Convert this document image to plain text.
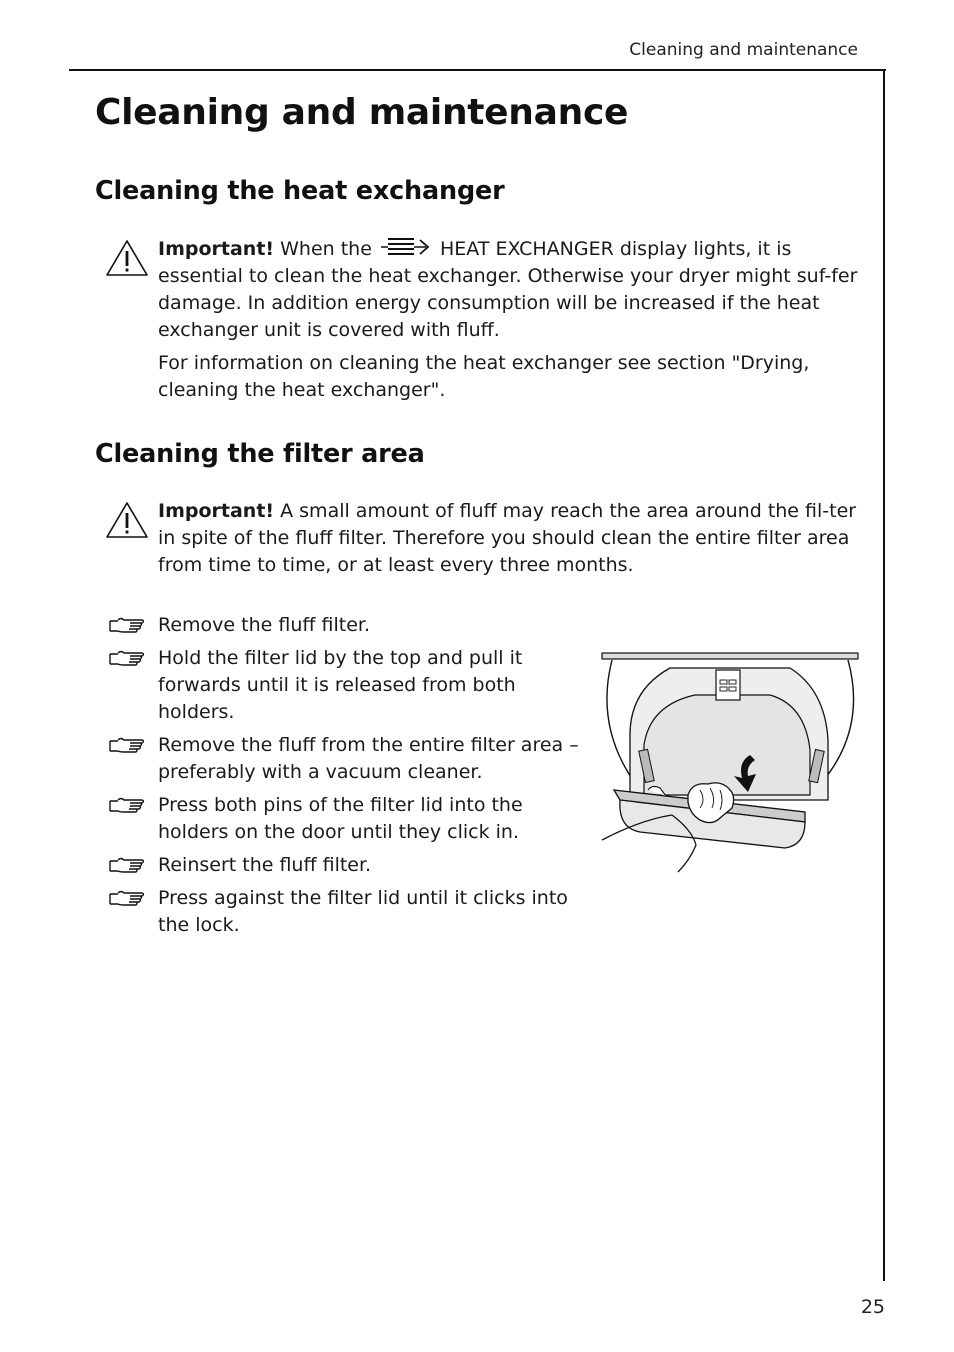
Cleaning and maintenance
Cleaning and maintenance
Cleaning the heat exchanger
Important! When the	HEAT EXCHANGER display lights, it is essential to clean the heat exchanger. Otherwise your dryer might suf-fer damage. In addition energy consumption will be increased if the heat exchanger unit is covered with fluff.
For information on cleaning the heat exchanger see section "Drying, cleaning the heat exchanger".
Cleaning the filter area
Important! A small amount of fluff may reach the area around the fil-ter in spite of the fluff filter. Therefore you should clean the entire filter area from time to time, or at least every three months.
Remove the fluff filter.
Hold the filter lid by the top and pull it forwards until it is released from both holders.
Remove the fluff from the entire filter area – preferably with a vacuum cleaner.
Press both pins of the filter lid into the holders on the door until they click in.
Reinsert the fluff filter.
Press against the filter lid until it clicks into the lock.
25
